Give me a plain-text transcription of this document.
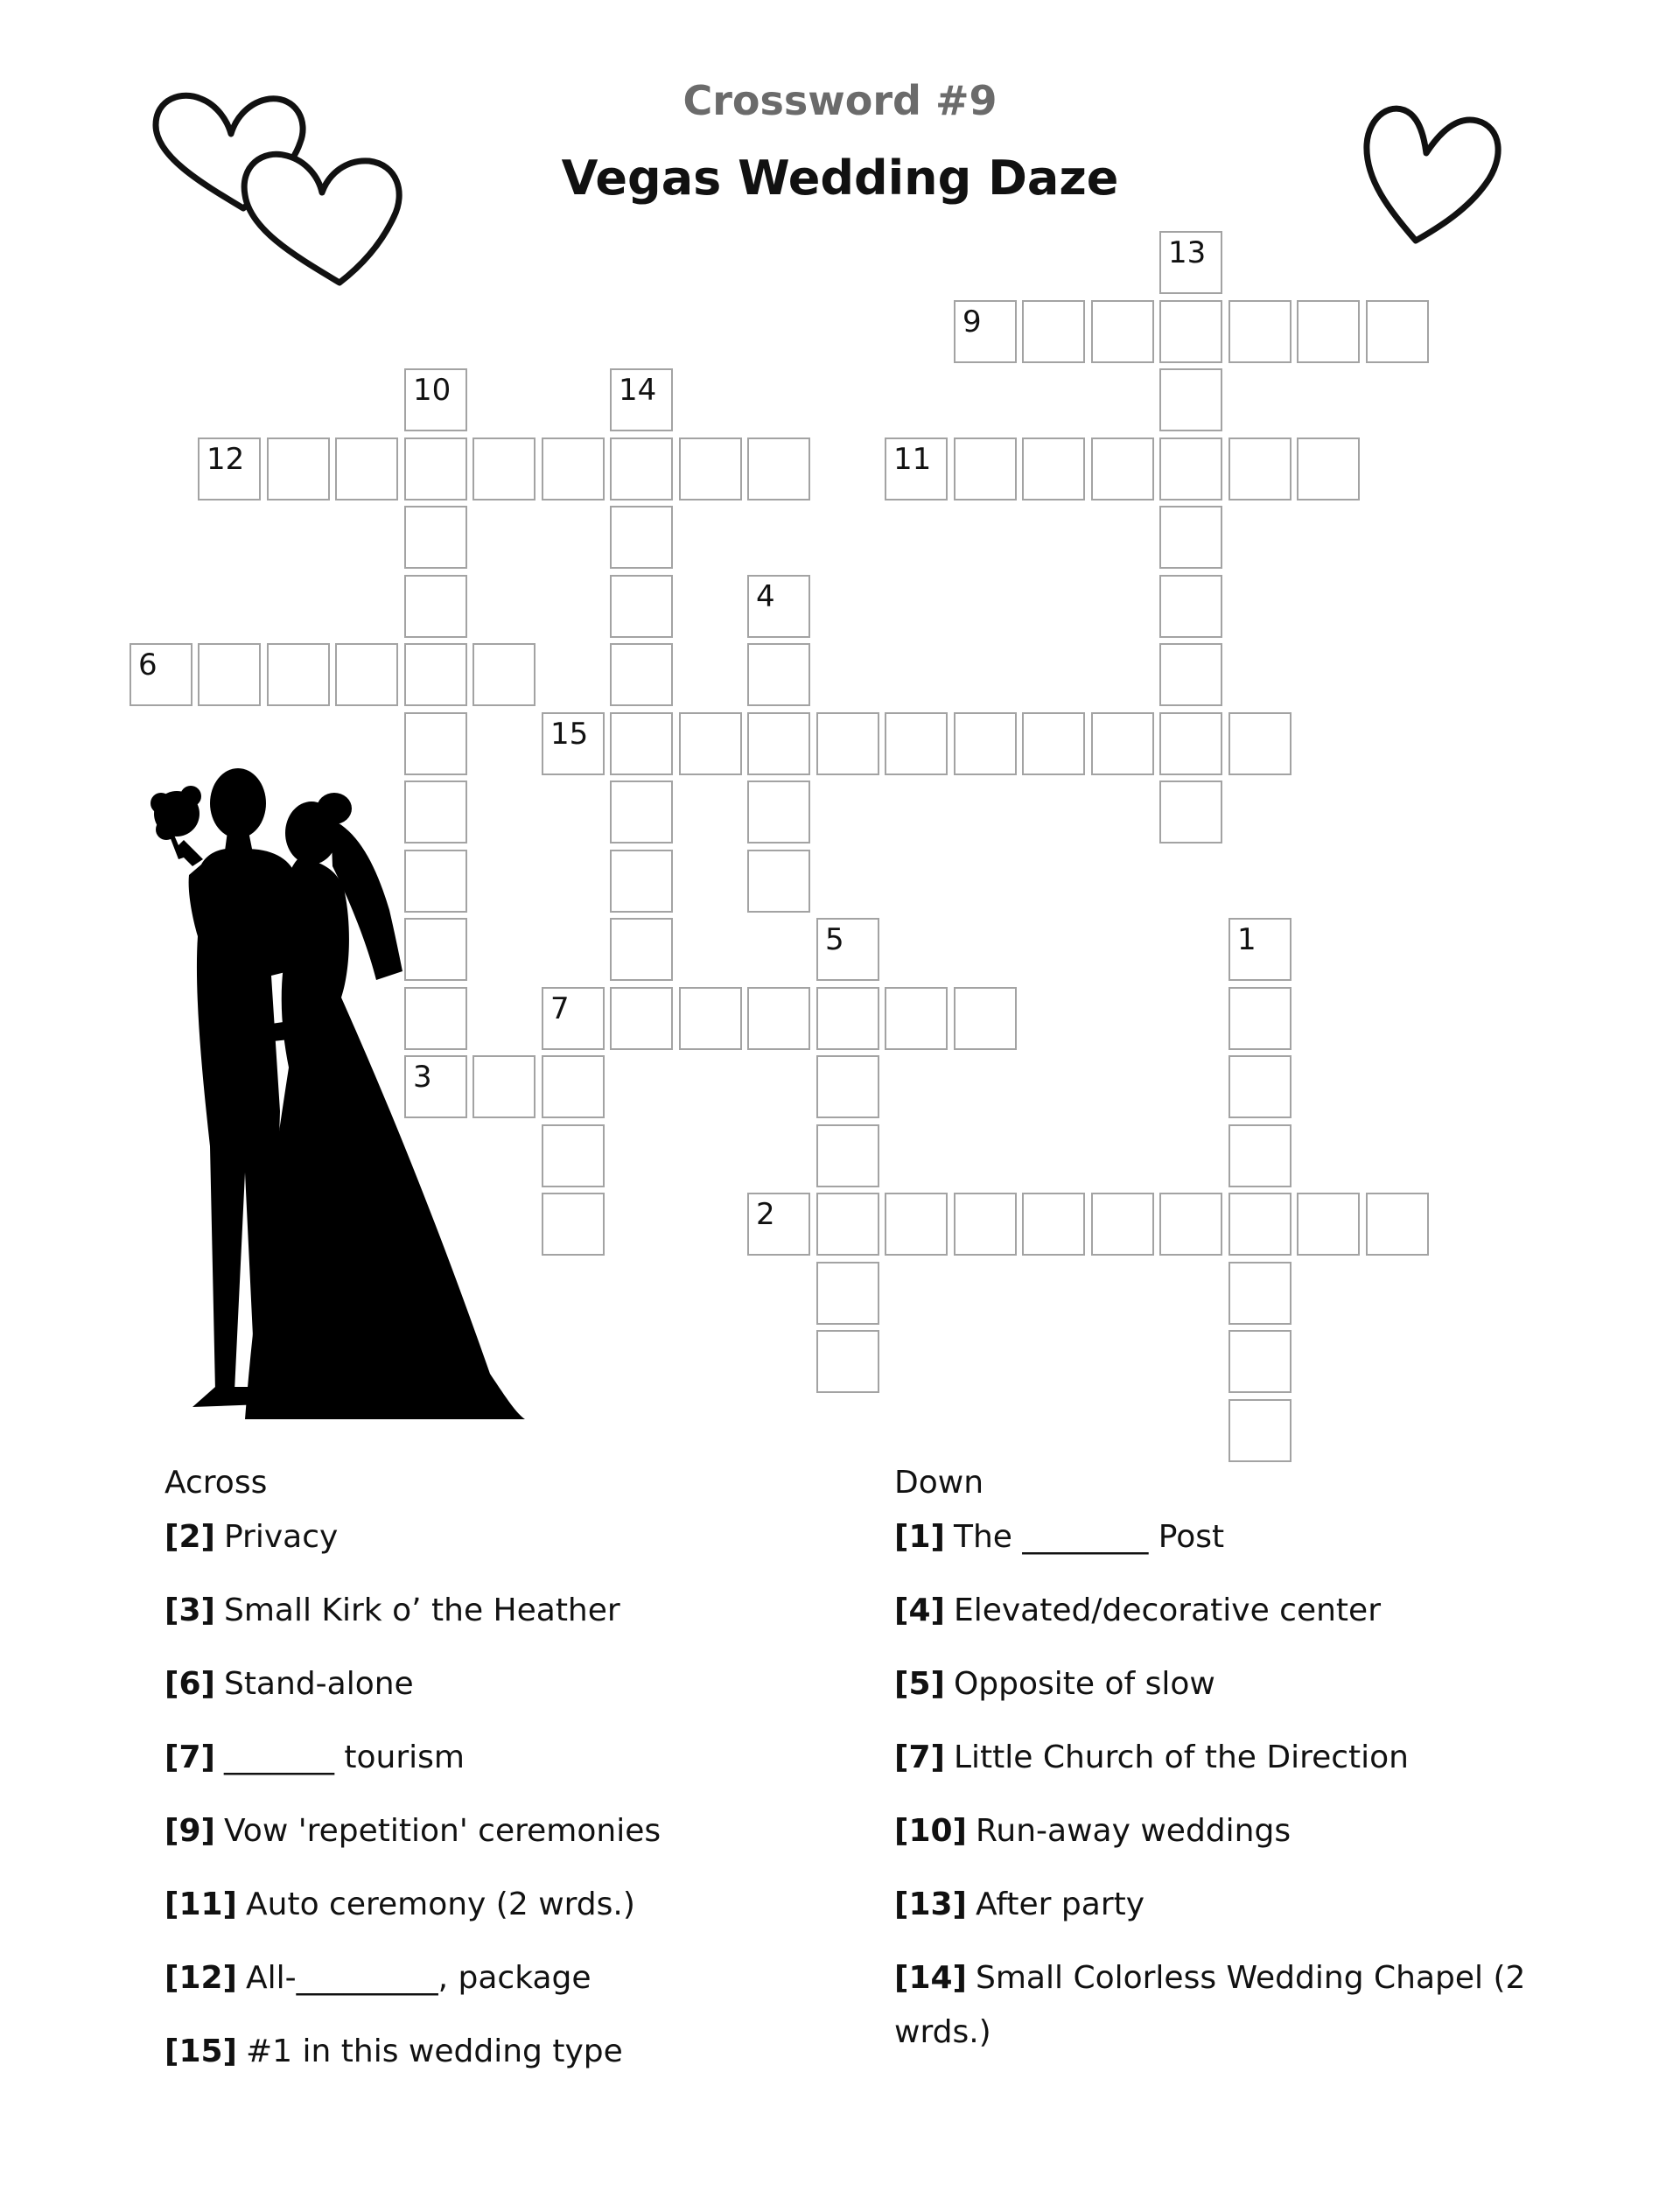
Crossword #9
Vegas Wedding Daze
1
2
3
4
5
6
7
9
10
11
12
13
14
15
Across
[2] Privacy
[3] Small Kirk o’ the Heather
[6] Stand-alone
[7] _______ tourism
[9] Vow 'repetition' ceremonies
[11] Auto ceremony (2 wrds.)
[12] All-_________, package
[15] #1 in this wedding type
Down
[1] The ________ Post
[4] Elevated/decorative center
[5] Opposite of slow
[7] Little Church of the Direction
[10] Run-away weddings
[13] After party
[14] Small Colorless Wedding Chapel (2 wrds.)
